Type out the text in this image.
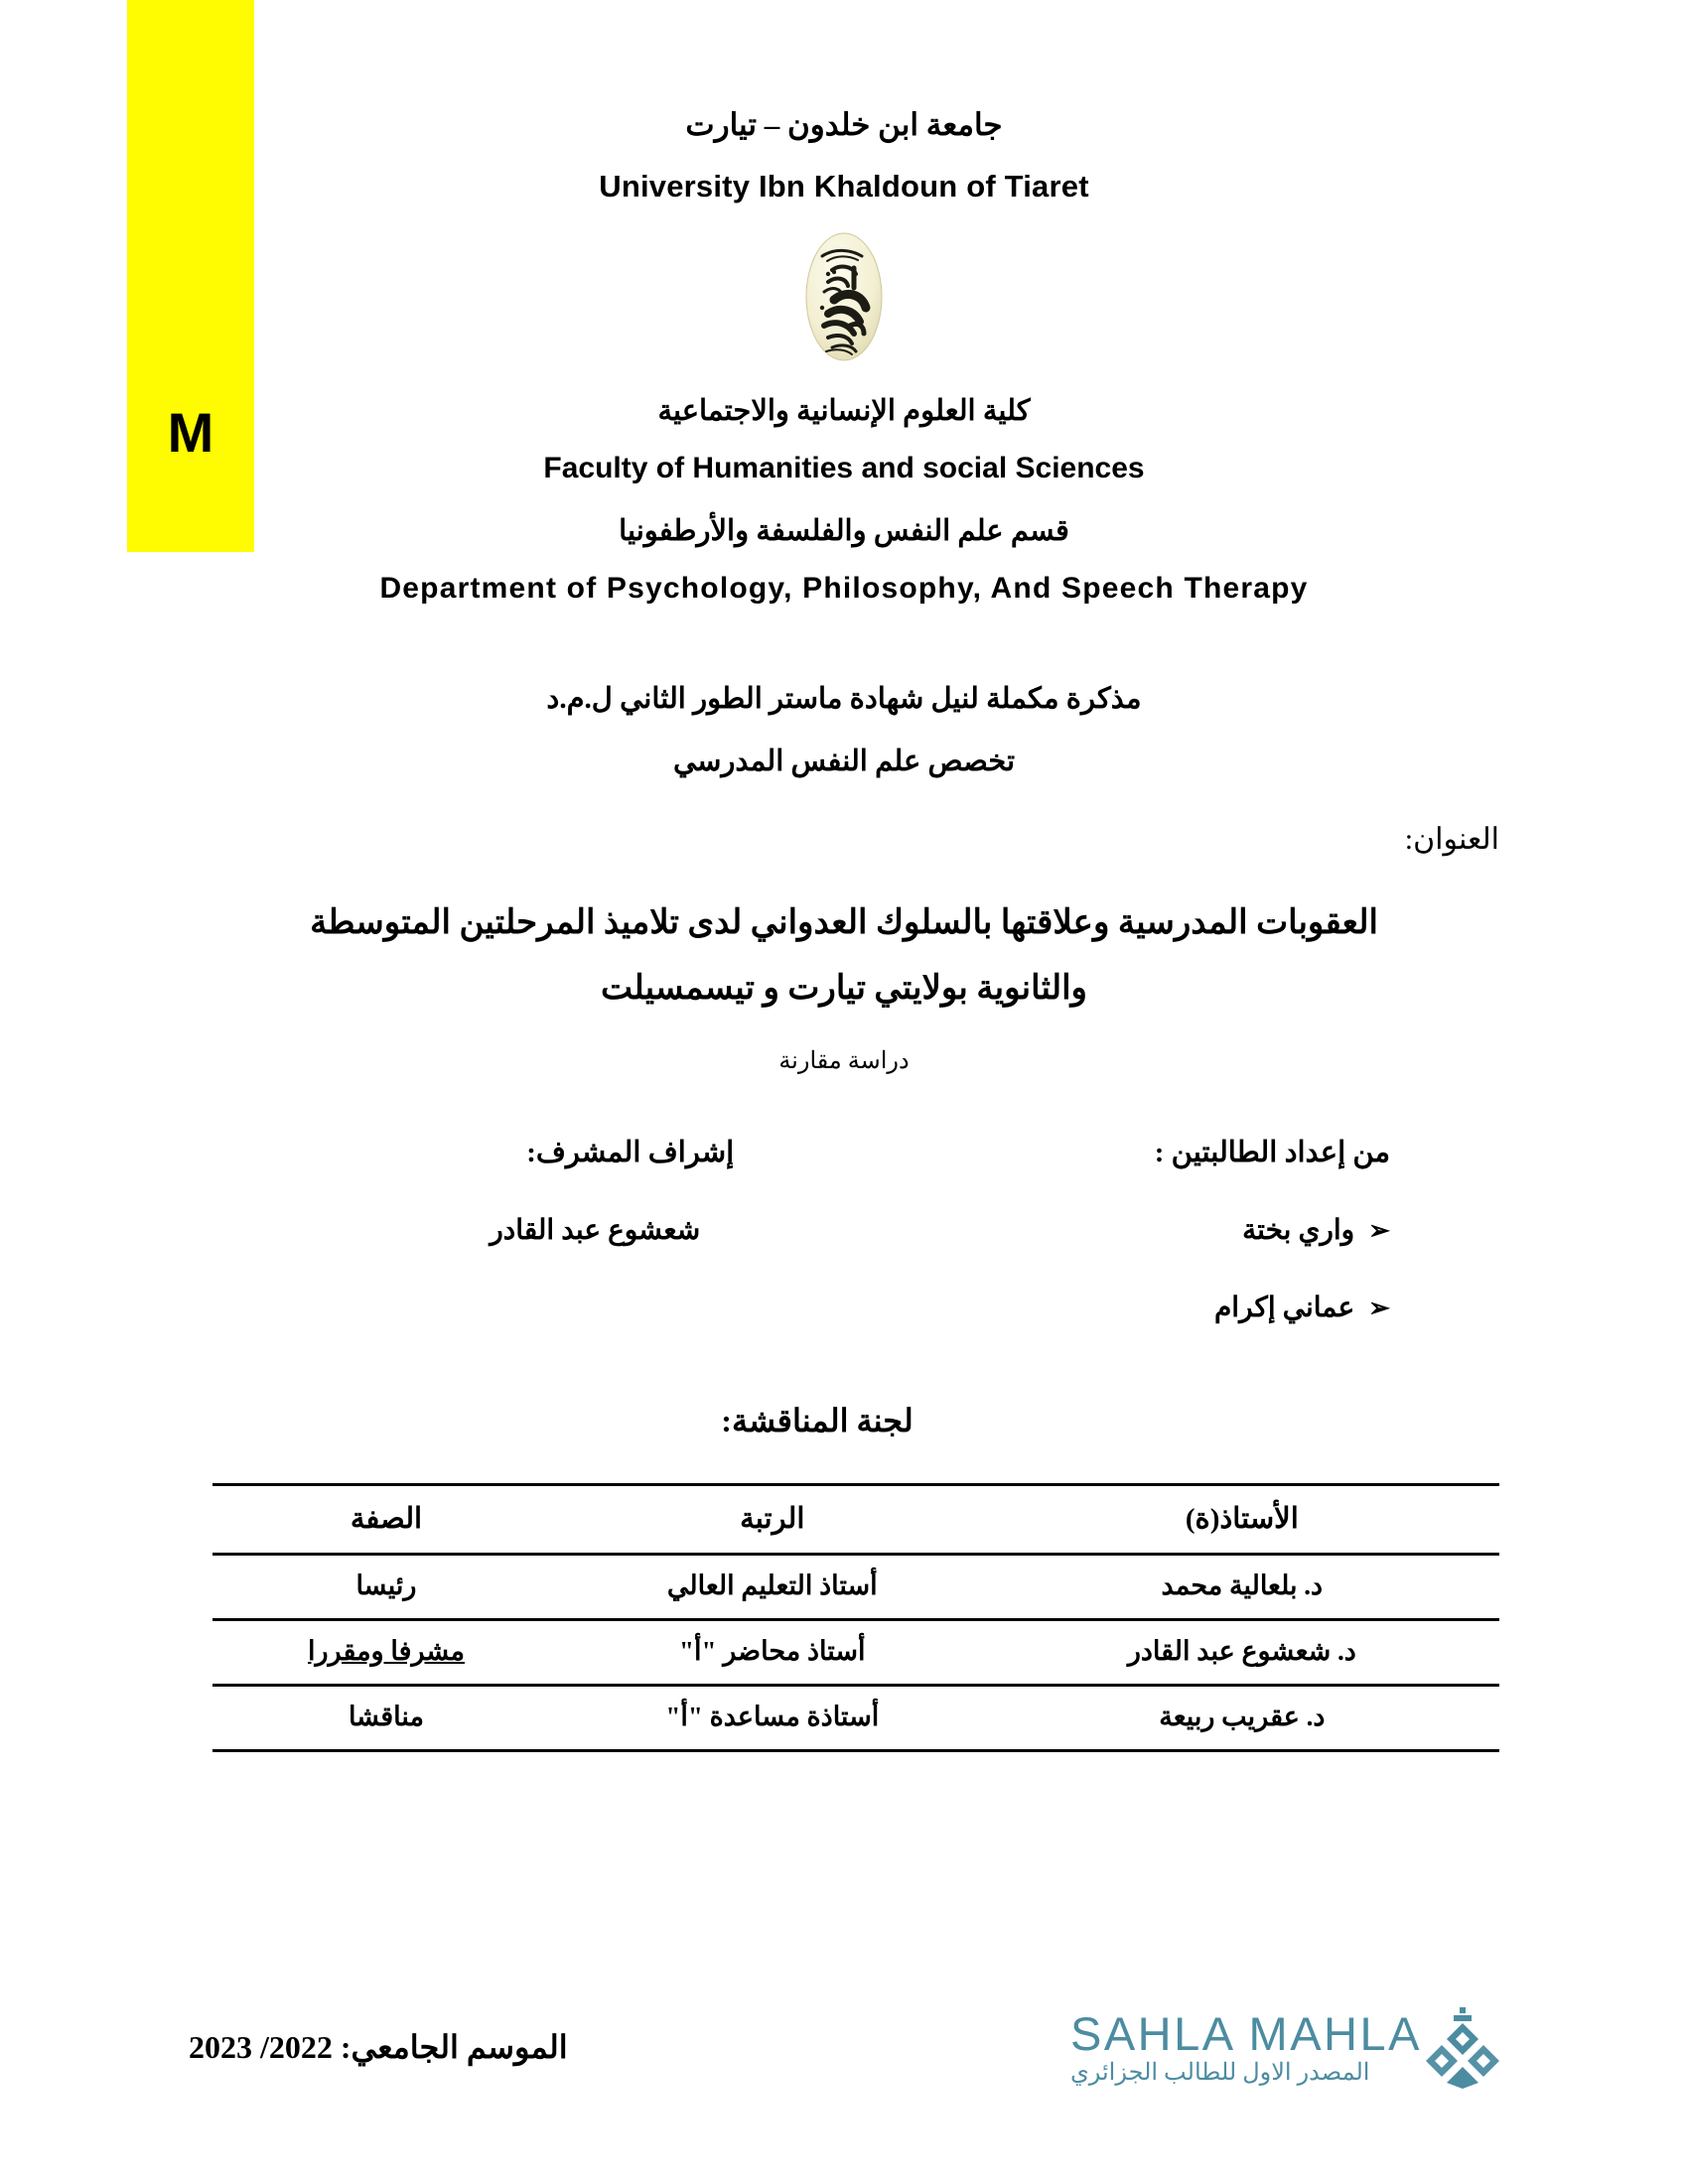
M
جامعة ابن خلدون – تيارت
University Ibn Khaldoun of Tiaret
كلية العلوم الإنسانية والاجتماعية
Faculty of Humanities and social Sciences
قسم علم النفس والفلسفة والأرطفونيا
Department of Psychology, Philosophy, And Speech Therapy
مذكرة مكملة لنيل شهادة ماستر الطور الثاني ل.م.د
تخصص علم النفس المدرسي
العنوان:
العقوبات المدرسية وعلاقتها بالسلوك العدواني لدى تلاميذ المرحلتين المتوسطة
والثانوية بولايتي تيارت و تيسمسيلت
دراسة مقارنة
من إعداد الطالبتين :
➢واري بختة
➢عماني إكرام
إشراف المشرف:
شعشوع عبد القادر
لجنة المناقشة:
الأستاذ(ة)	الرتبة	الصفة
د. بلعالية محمد	أستاذ التعليم العالي	رئيسا
د. شعشوع عبد القادر	أستاذ محاضر "أ"	مشرفا ومقررا
د. عقريب ربيعة	أستاذة مساعدة "أ"	مناقشا
الموسم الجامعي: 2022/ 2023	SAHLA MAHLA
المصدر الاول للطالب الجزائري
